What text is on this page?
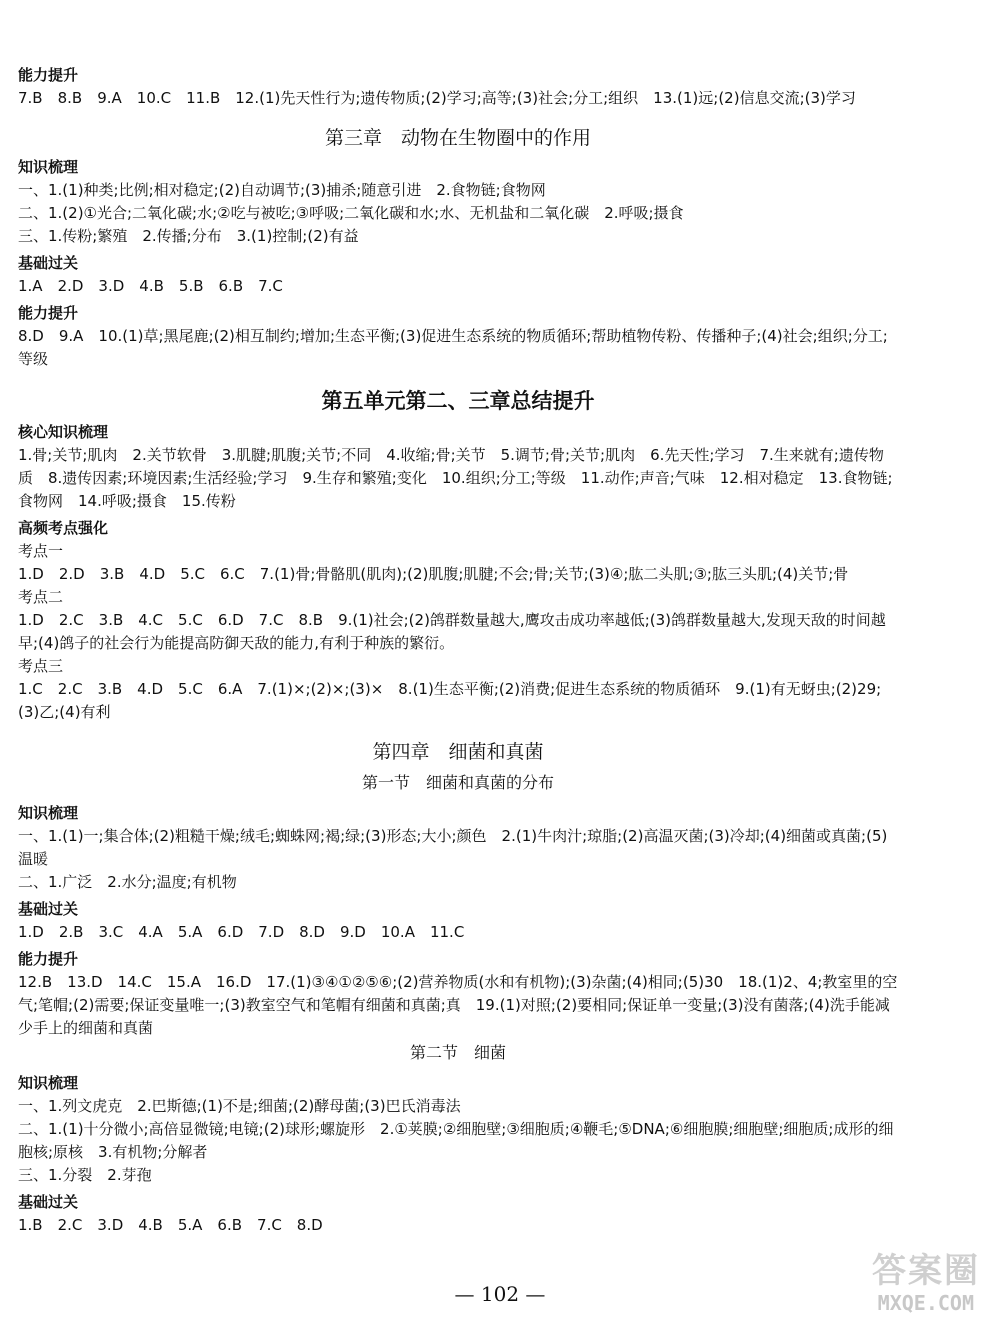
能力提升
7.B　8.B　9.A　10.C　11.B　12.(1)先天性行为;遗传物质;(2)学习;高等;(3)社会;分工;组织　13.(1)远;(2)信息交流;(3)学习
第三章　动物在生物圈中的作用
知识梳理
一、1.(1)种类;比例;相对稳定;(2)自动调节;(3)捕杀;随意引进　2.食物链;食物网
二、1.(2)①光合;二氧化碳;水;②吃与被吃;③呼吸;二氧化碳和水;水、无机盐和二氧化碳　2.呼吸;摄食
三、1.传粉;繁殖　2.传播;分布　3.(1)控制;(2)有益
基础过关
1.A　2.D　3.D　4.B　5.B　6.B　7.C
能力提升
8.D　9.A　10.(1)草;黑尾鹿;(2)相互制约;增加;生态平衡;(3)促进生态系统的物质循环;帮助植物传粉、传播种子;(4)社会;组织;分工;等级
第五单元第二、三章总结提升
核心知识梳理
1.骨;关节;肌肉　2.关节软骨　3.肌腱;肌腹;关节;不同　4.收缩;骨;关节　5.调节;骨;关节;肌肉　6.先天性;学习　7.生来就有;遗传物质　8.遗传因素;环境因素;生活经验;学习　9.生存和繁殖;变化　10.组织;分工;等级　11.动作;声音;气味　12.相对稳定　13.食物链;食物网　14.呼吸;摄食　15.传粉
高频考点强化
考点一
1.D　2.D　3.B　4.D　5.C　6.C　7.(1)骨;骨骼肌(肌肉);(2)肌腹;肌腱;不会;骨;关节;(3)④;肱二头肌;③;肱三头肌;(4)关节;骨
考点二
1.D　2.C　3.B　4.C　5.C　6.D　7.C　8.B　9.(1)社会;(2)鸽群数量越大,鹰攻击成功率越低;(3)鸽群数量越大,发现天敌的时间越早;(4)鸽子的社会行为能提高防御天敌的能力,有利于种族的繁衍。
考点三
1.C　2.C　3.B　4.D　5.C　6.A　7.(1)×;(2)×;(3)×　8.(1)生态平衡;(2)消费;促进生态系统的物质循环　9.(1)有无蚜虫;(2)29;(3)乙;(4)有利
第四章　细菌和真菌
第一节　细菌和真菌的分布
知识梳理
一、1.(1)一;集合体;(2)粗糙干燥;绒毛;蜘蛛网;褐;绿;(3)形态;大小;颜色　2.(1)牛肉汁;琼脂;(2)高温灭菌;(3)冷却;(4)细菌或真菌;(5)温暖
二、1.广泛　2.水分;温度;有机物
基础过关
1.D　2.B　3.C　4.A　5.A　6.D　7.D　8.D　9.D　10.A　11.C
能力提升
12.B　13.D　14.C　15.A　16.D　17.(1)③④①②⑤⑥;(2)营养物质(水和有机物);(3)杂菌;(4)相同;(5)30　18.(1)2、4;教室里的空气;笔帽;(2)需要;保证变量唯一;(3)教室空气和笔帽有细菌和真菌;真　19.(1)对照;(2)要相同;保证单一变量;(3)没有菌落;(4)洗手能减少手上的细菌和真菌
第二节　细菌
知识梳理
一、1.列文虎克　2.巴斯德;(1)不是;细菌;(2)酵母菌;(3)巴氏消毒法
二、1.(1)十分微小;高倍显微镜;电镜;(2)球形;螺旋形　2.①荚膜;②细胞壁;③细胞质;④鞭毛;⑤DNA;⑥细胞膜;细胞壁;细胞质;成形的细胞核;原核　3.有机物;分解者
三、1.分裂　2.芽孢
基础过关
1.B　2.C　3.D　4.B　5.A　6.B　7.C　8.D
— 102 —
答案圈
MXQE.COM
